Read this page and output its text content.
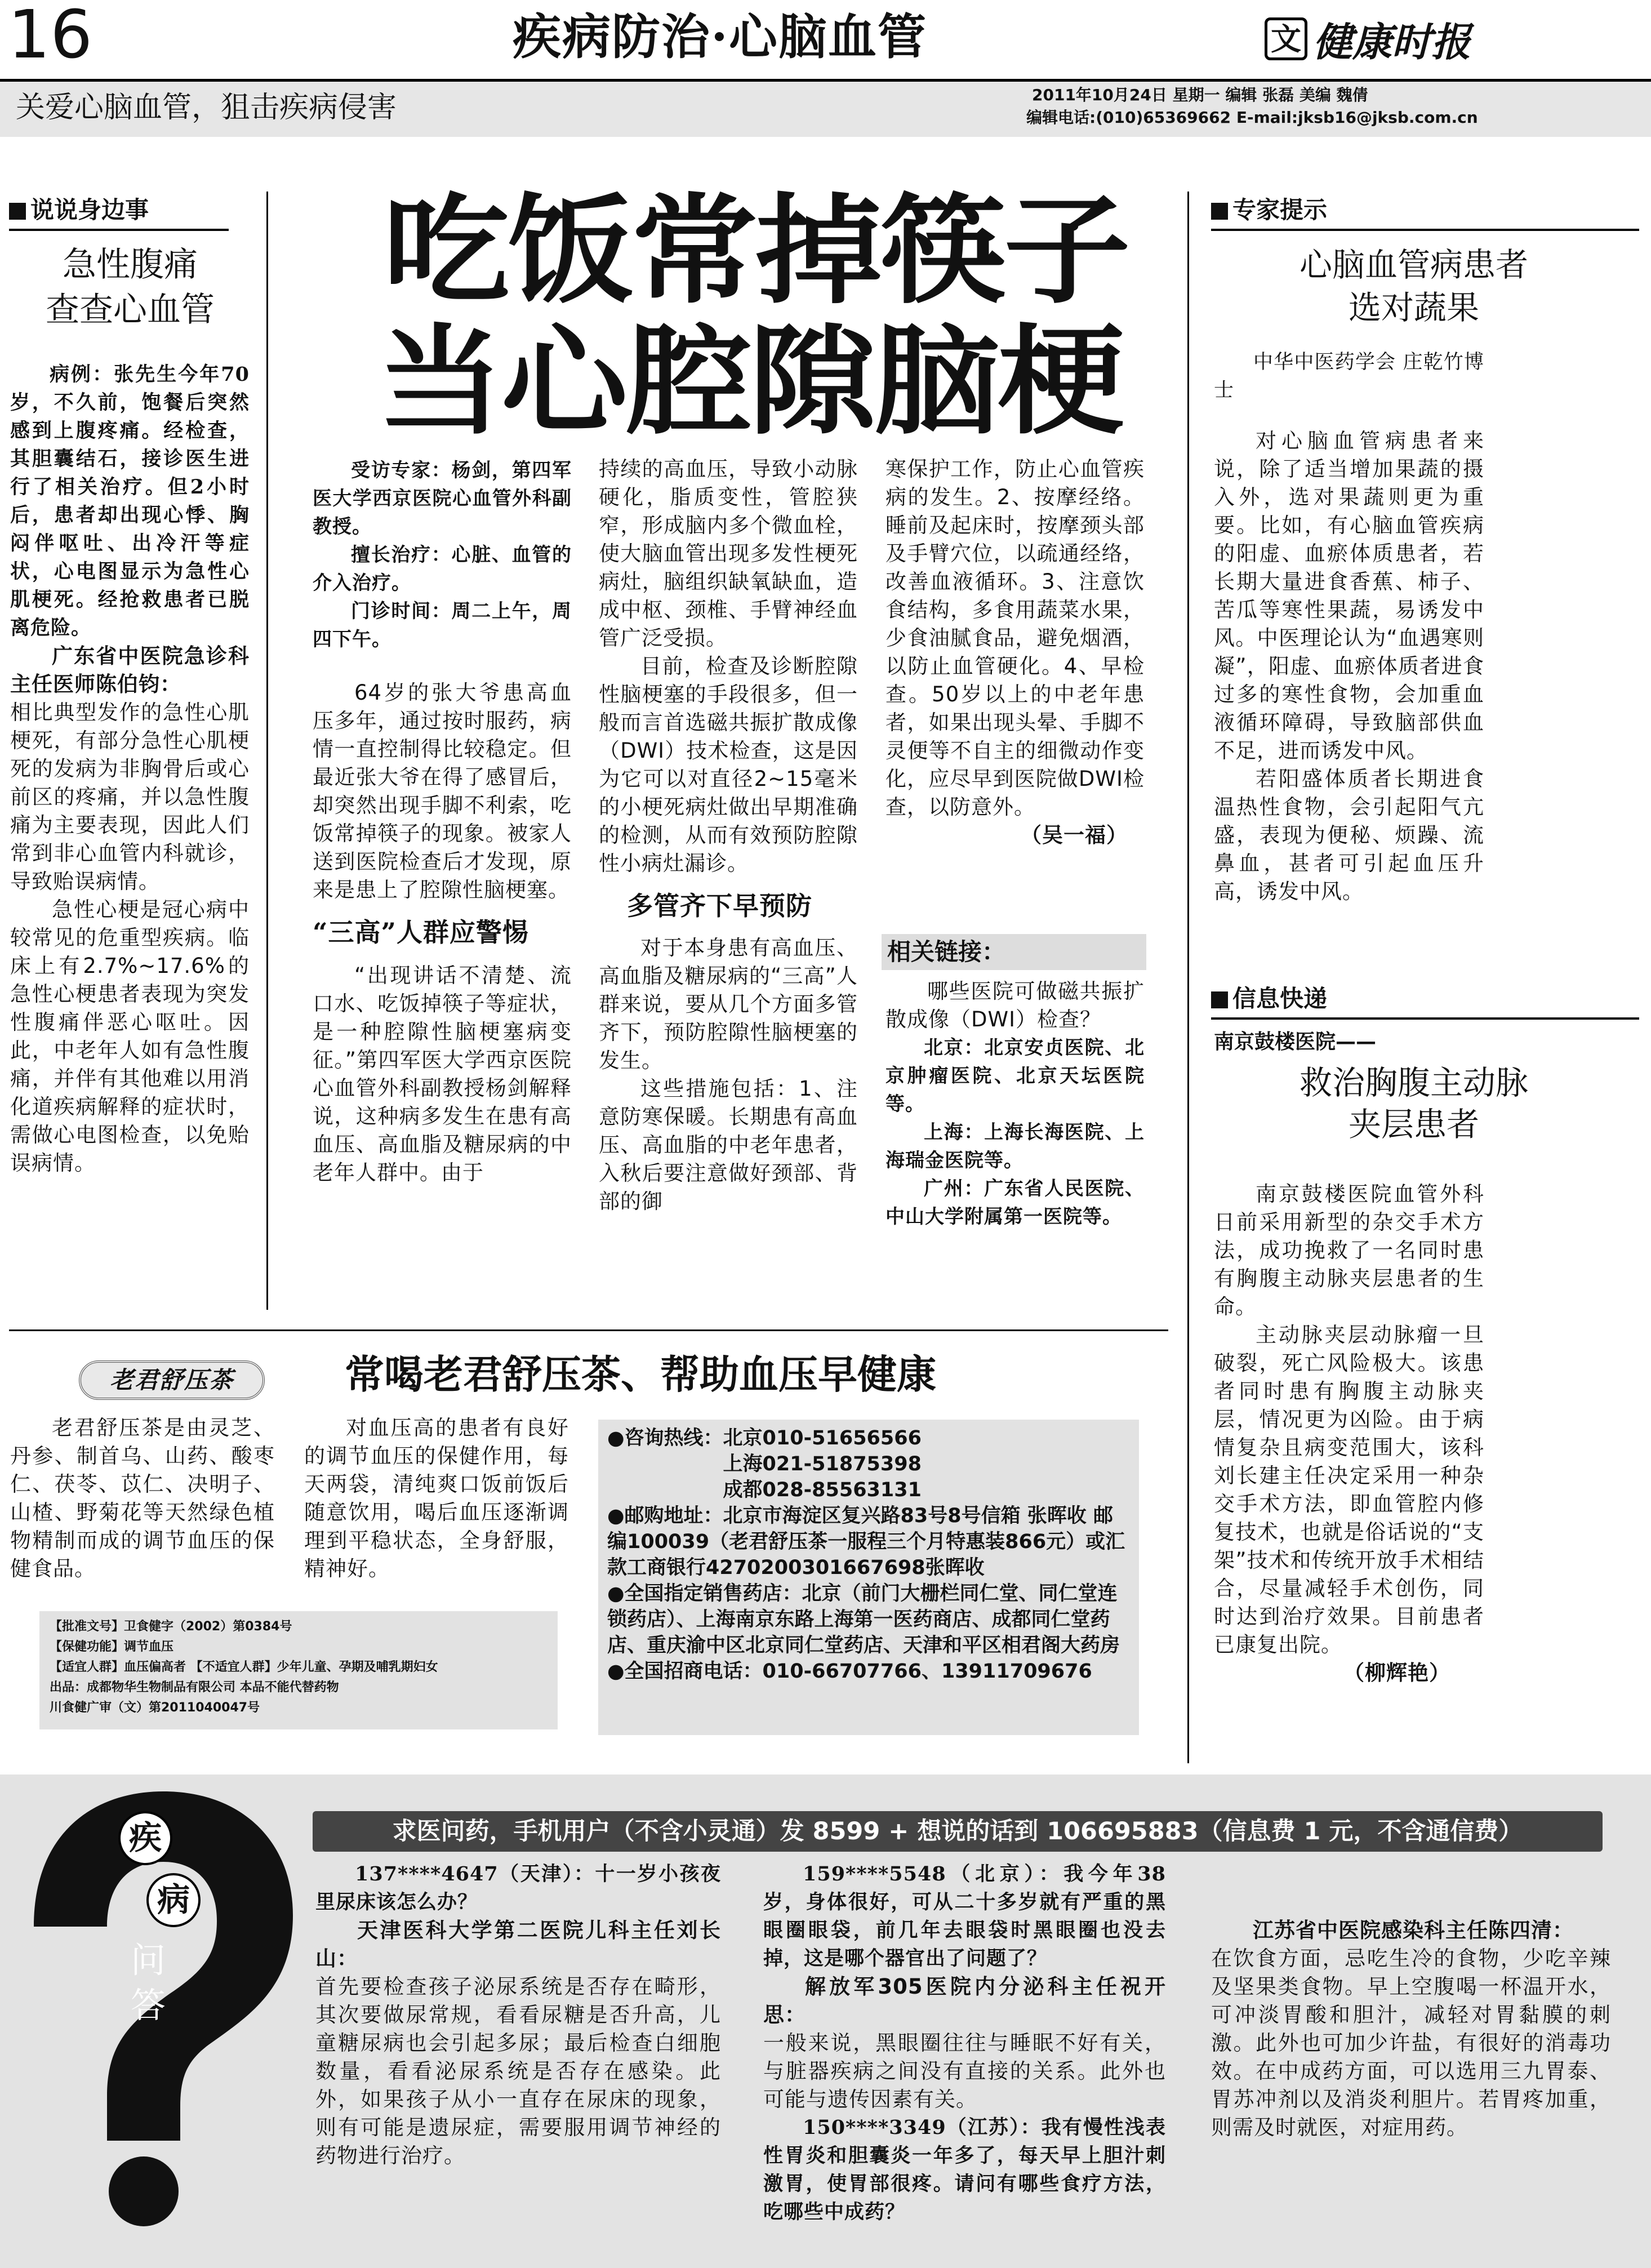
16	疾病防治·心脑血管	文 健康时报
关爱心脑血管，狙击疾病侵害	2011年10月24日 星期一 编辑 张磊 美编 魏倩
编辑电话:(010)65369662 E-mail:jksb16@jksb.com.cn
说说身边事
急性腹痛
查查心血管

病例：张先生今年70岁，不久前，饱餐后突然感到上腹疼痛。经检查，其胆囊结石，接诊医生进行了相关治疗。但2小时后，患者却出现心悸、胸闷伴呕吐、出冷汗等症状，心电图显示为急性心肌梗死。经抢救患者已脱离危险。

广东省中医院急诊科主任医师陈伯钧：

相比典型发作的急性心肌梗死，有部分急性心肌梗死的发病为非胸骨后或心前区的疼痛，并以急性腹痛为主要表现，因此人们常到非心血管内科就诊，导致贻误病情。

急性心梗是冠心病中较常见的危重型疾病。临床上有2.7%~17.6%的急性心梗患者表现为突发性腹痛伴恶心呕吐。因此，中老年人如有急性腹痛，并伴有其他难以用消化道疾病解释的症状时，需做心电图检查，以免贻误病情。

吃饭常掉筷子
当心腔隙脑梗

受访专家：杨剑，第四军医大学西京医院心血管外科副教授。

擅长治疗：心脏、血管的介入治疗。

门诊时间：周二上午，周四下午。

64岁的张大爷患高血压多年，通过按时服药，病情一直控制得比较稳定。但最近张大爷在得了感冒后，却突然出现手脚不利索，吃饭常掉筷子的现象。被家人送到医院检查后才发现，原来是患上了腔隙性脑梗塞。

“三高”人群应警惕

“出现讲话不清楚、流口水、吃饭掉筷子等症状，是一种腔隙性脑梗塞病变征。”第四军医大学西京医院心血管外科副教授杨剑解释说，这种病多发生在患有高血压、高血脂及糖尿病的中老年人群中。由于

持续的高血压，导致小动脉硬化，脂质变性，管腔狭窄，形成脑内多个微血栓，使大脑血管出现多发性梗死病灶，脑组织缺氧缺血，造成中枢、颈椎、手臂神经血管广泛受损。

目前，检查及诊断腔隙性脑梗塞的手段很多，但一般而言首选磁共振扩散成像（DWI）技术检查，这是因为它可以对直径2~15毫米的小梗死病灶做出早期准确的检测，从而有效预防腔隙性小病灶漏诊。

多管齐下早预防

对于本身患有高血压、高血脂及糖尿病的“三高”人群来说，要从几个方面多管齐下，预防腔隙性脑梗塞的发生。

这些措施包括：1、注意防寒保暖。长期患有高血压、高血脂的中老年患者，入秋后要注意做好颈部、背部的御

寒保护工作，防止心血管疾病的发生。2、按摩经络。睡前及起床时，按摩颈头部及手臂穴位，以疏通经络，改善血液循环。3、注意饮食结构，多食用蔬菜水果，少食油腻食品，避免烟酒，以防止血管硬化。4、早检查。50岁以上的中老年患者，如果出现头晕、手脚不灵便等不自主的细微动作变化，应尽早到医院做DWI检查，以防意外。

（吴一福）
相关链接：

哪些医院可做磁共振扩散成像（DWI）检查？

北京：北京安贞医院、北京肿瘤医院、北京天坛医院等。

上海：上海长海医院、上海瑞金医院等。

广州：广东省人民医院、中山大学附属第一医院等。

专家提示
心脑血管病患者
选对蔬果

中华中医药学会 庄乾竹博士

对心脑血管病患者来说，除了适当增加果蔬的摄入外，选对果蔬则更为重要。比如，有心脑血管疾病的阳虚、血瘀体质患者，若长期大量进食香蕉、柿子、苦瓜等寒性果蔬，易诱发中风。中医理论认为“血遇寒则凝”，阳虚、血瘀体质者进食过多的寒性食物，会加重血液循环障碍，导致脑部供血不足，进而诱发中风。

若阳盛体质者长期进食温热性食物，会引起阳气亢盛，表现为便秘、烦躁、流鼻血，甚者可引起血压升高，诱发中风。

信息快递
南京鼓楼医院——
救治胸腹主动脉
夹层患者

南京鼓楼医院血管外科日前采用新型的杂交手术方法，成功挽救了一名同时患有胸腹主动脉夹层患者的生命。

主动脉夹层动脉瘤一旦破裂，死亡风险极大。该患者同时患有胸腹主动脉夹层，情况更为凶险。由于病情复杂且病变范围大，该科刘长建主任决定采用一种杂交手术方法，即血管腔内修复技术，也就是俗话说的“支架”技术和传统开放手术相结合，尽量减轻手术创伤，同时达到治疗效果。目前患者已康复出院。

（柳辉艳）
老君舒压茶	常喝老君舒压茶、帮助血压早健康

老君舒压茶是由灵芝、丹参、制首乌、山药、酸枣仁、茯苓、苡仁、决明子、山楂、野菊花等天然绿色植物精制而成的调节血压的保健食品。

对血压高的患者有良好的调节血压的保健作用，每天两袋，清纯爽口饭前饭后随意饮用，喝后血压逐渐调理到平稳状态，全身舒服，精神好。

●咨询热线： 北京010-51656566
上海021-51875398
成都028-85563131
●邮购地址：北京市海淀区复兴路83号8号信箱 张晖收 邮编100039（老君舒压茶一服程三个月特惠装866元）或汇款工商银行4270200301667698张晖收
●全国指定销售药店：北京（前门大栅栏同仁堂、同仁堂连锁药店）、上海南京东路上海第一医药商店、成都同仁堂药店、重庆渝中区北京同仁堂药店、天津和平区相君阁大药房
●全国招商电话：010-66707766、13911709676
【批准文号】卫食健字（2002）第0384号
【保健功能】调节血压
【适宜人群】血压偏高者 【不适宜人群】少年儿童、孕期及哺乳期妇女
出品：成都物华生物制品有限公司 本品不能代替药物
川食健广审（文）第2011040047号
疾
病
问
答
求医问药，手机用户（不含小灵通）发 8599 + 想说的话到 106695883（信息费 1 元，不含通信费）

137****4647（天津）：十一岁小孩夜里尿床该怎么办？

天津医科大学第二医院儿科主任刘长山：

首先要检查孩子泌尿系统是否存在畸形，其次要做尿常规，看看尿糖是否升高，儿童糖尿病也会引起多尿；最后检查白细胞数量，看看泌尿系统是否存在感染。此外，如果孩子从小一直存在尿床的现象，则有可能是遗尿症，需要服用调节神经的药物进行治疗。

159****5548（北京）：我今年38岁，身体很好，可从二十多岁就有严重的黑眼圈眼袋，前几年去眼袋时黑眼圈也没去掉，这是哪个器官出了问题了？

解放军305医院内分泌科主任祝开思：

一般来说，黑眼圈往往与睡眠不好有关，与脏器疾病之间没有直接的关系。此外也可能与遗传因素有关。

150****3349（江苏）：我有慢性浅表性胃炎和胆囊炎一年多了，每天早上胆汁刺激胃，使胃部很疼。请问有哪些食疗方法，吃哪些中成药？

江苏省中医院感染科主任陈四清：

在饮食方面，忌吃生冷的食物，少吃辛辣及坚果类食物。早上空腹喝一杯温开水，可冲淡胃酸和胆汁，减轻对胃黏膜的刺激。此外也可加少许盐，有很好的消毒功效。在中成药方面，可以选用三九胃泰、胃苏冲剂以及消炎利胆片。若胃疼加重，则需及时就医，对症用药。
